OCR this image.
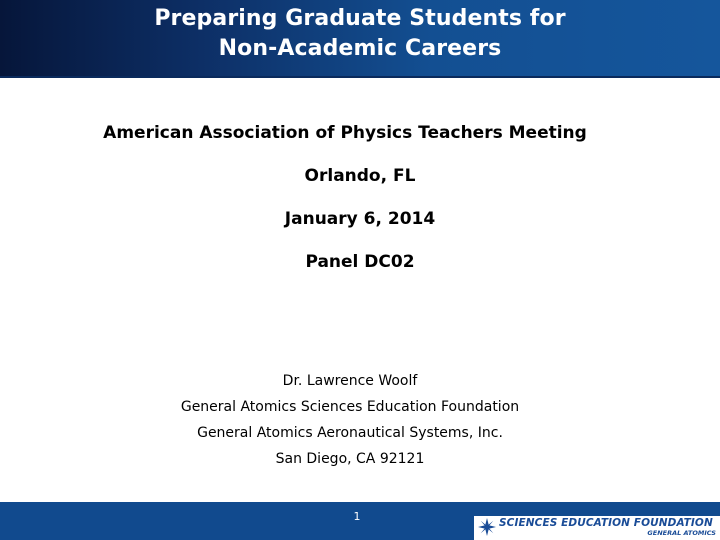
Preparing Graduate Students for
Non-Academic Careers
American Association of Physics Teachers Meeting
Orlando, FL
January 6, 2014
Panel DC02
Dr. Lawrence Woolf
General Atomics Sciences Education Foundation
General Atomics Aeronautical Systems, Inc.
San Diego, CA 92121
1	SCIENCES EDUCATION FOUNDATION
GENERAL ATOMICS
